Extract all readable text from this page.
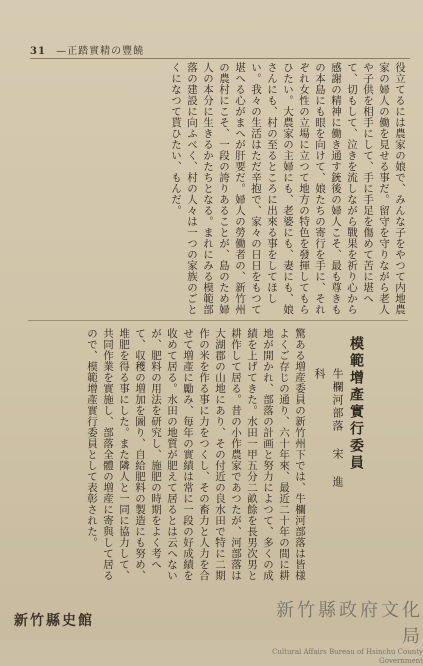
31 —正踏實精の豐饒

役立てるには農家の娘で、みんな子をやつて内地農家の婦人の働を見せる事だ。留守を守りながら老人や子供を相手にして、手に手足を傷めて苦に堪へて、切もして、泣きを流しながら戰果を祈り心から感謝の精神に働き通す銃後の婦人こそ、最も尊きもの本島にも眼を向けて、娘たちの寄行を手に、それぞれ女性の立場に立つて地方の特色を發揮してもらひたい。大農家の主婦にも、老婆にも、妻にも、娘さんにも、村の至るところに出來る事をしてほしい。我々の生活はただ辛抱で、家々の日日をもつて堪へる心がまへが肝要だ。婦人の勞働者の、新竹州の農村にこそ、一段の誇りあることが、島のため婦人の本分に生きるかたちとなる。まれにみる模範部落の建設に向ふべく、村の人々は一つの家族のごとくになつて貰ひたい、もんだ。

模範增產實行委員
牛欄河部落 宋 進 科

驚ある増産委員の新竹州下では、牛欄河部落は皆様よくご存じの通り、六十年來、最近二十年の間に耕地が開かれ、部落の計画と努力によつて、多くの成績を上げてきた。水田一甲五分二畝餘を長男次男と耕作して居る。昔の小作農家であつたが、河部落は大湖郡の山地にあり、その付近の良水田で特に二期作の米を作る事に力をつくし、その畜力と人力を合せて増產に勵み、毎年の實績は常に一段の好成績を收めて居る。水田の地質が肥えて居るとは云へないが、肥料の用法を研究し、施肥の時期をよく考へて、収穫の増加を圖り、自給肥料の製造にも努め、堆肥を得る事にした。また隣人と一同に協力して、共同作業を實施し、部落全體の増産に寄與して居るので、模範增產實行委員として表彰された。

新竹縣史館	新竹縣政府文化局
Cultural Affairs Bureau of Hsinchu County Government
